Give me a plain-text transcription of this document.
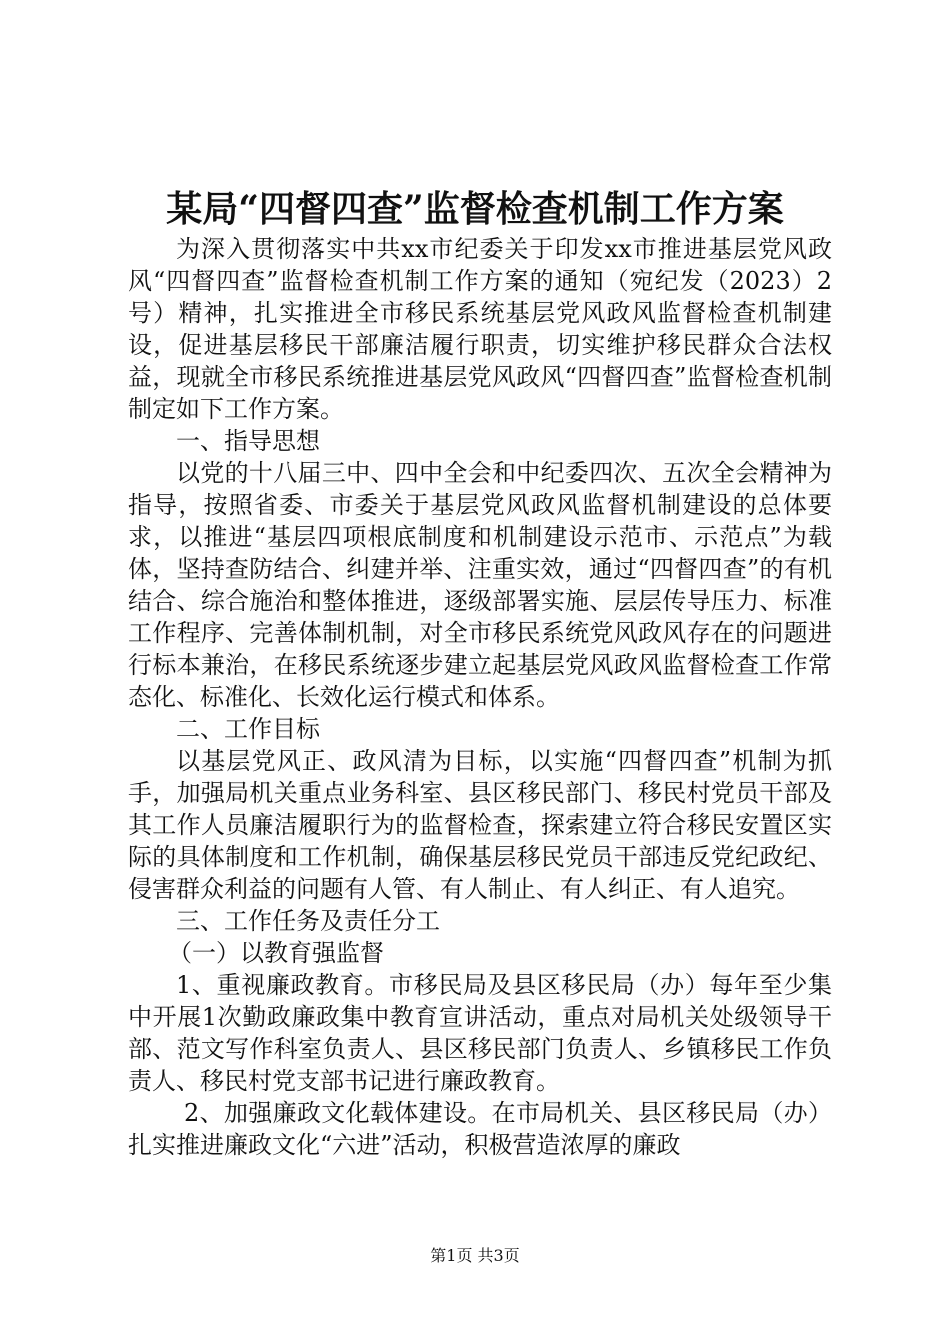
某局“四督四查”监督检查机制工作方案

为深入贯彻落实中共xx市纪委关于印发xx市推进基层党风政风“四督四查”监督检查机制工作方案的通知（宛纪发（2023）2号）精神，扎实推进全市移民系统基层党风政风监督检查机制建设，促进基层移民干部廉洁履行职责，切实维护移民群众合法权益，现就全市移民系统推进基层党风政风“四督四查”监督检查机制制定如下工作方案。

一、指导思想

以党的十八届三中、四中全会和中纪委四次、五次全会精神为指导，按照省委、市委关于基层党风政风监督机制建设的总体要求，以推进“基层四项根底制度和机制建设示范市、示范点”为载体，坚持查防结合、纠建并举、注重实效，通过“四督四查”的有机结合、综合施治和整体推进，逐级部署实施、层层传导压力、标准工作程序、完善体制机制，对全市移民系统党风政风存在的问题进行标本兼治，在移民系统逐步建立起基层党风政风监督检查工作常态化、标准化、长效化运行模式和体系。

二、工作目标

以基层党风正、政风清为目标，以实施“四督四查”机制为抓手，加强局机关重点业务科室、县区移民部门、移民村党员干部及其工作人员廉洁履职行为的监督检查，探索建立符合移民安置区实际的具体制度和工作机制，确保基层移民党员干部违反党纪政纪、侵害群众利益的问题有人管、有人制止、有人纠正、有人追究。

三、工作任务及责任分工

（一）以教育强监督

1、重视廉政教育。市移民局及县区移民局（办）每年至少集中开展1次勤政廉政集中教育宣讲活动，重点对局机关处级领导干部、范文写作科室负责人、县区移民部门负责人、乡镇移民工作负责人、移民村党支部书记进行廉政教育。

2、加强廉政文化载体建设。在市局机关、县区移民局（办）扎实推进廉政文化“六进”活动，积极营造浓厚的廉政

第1页 共3页
